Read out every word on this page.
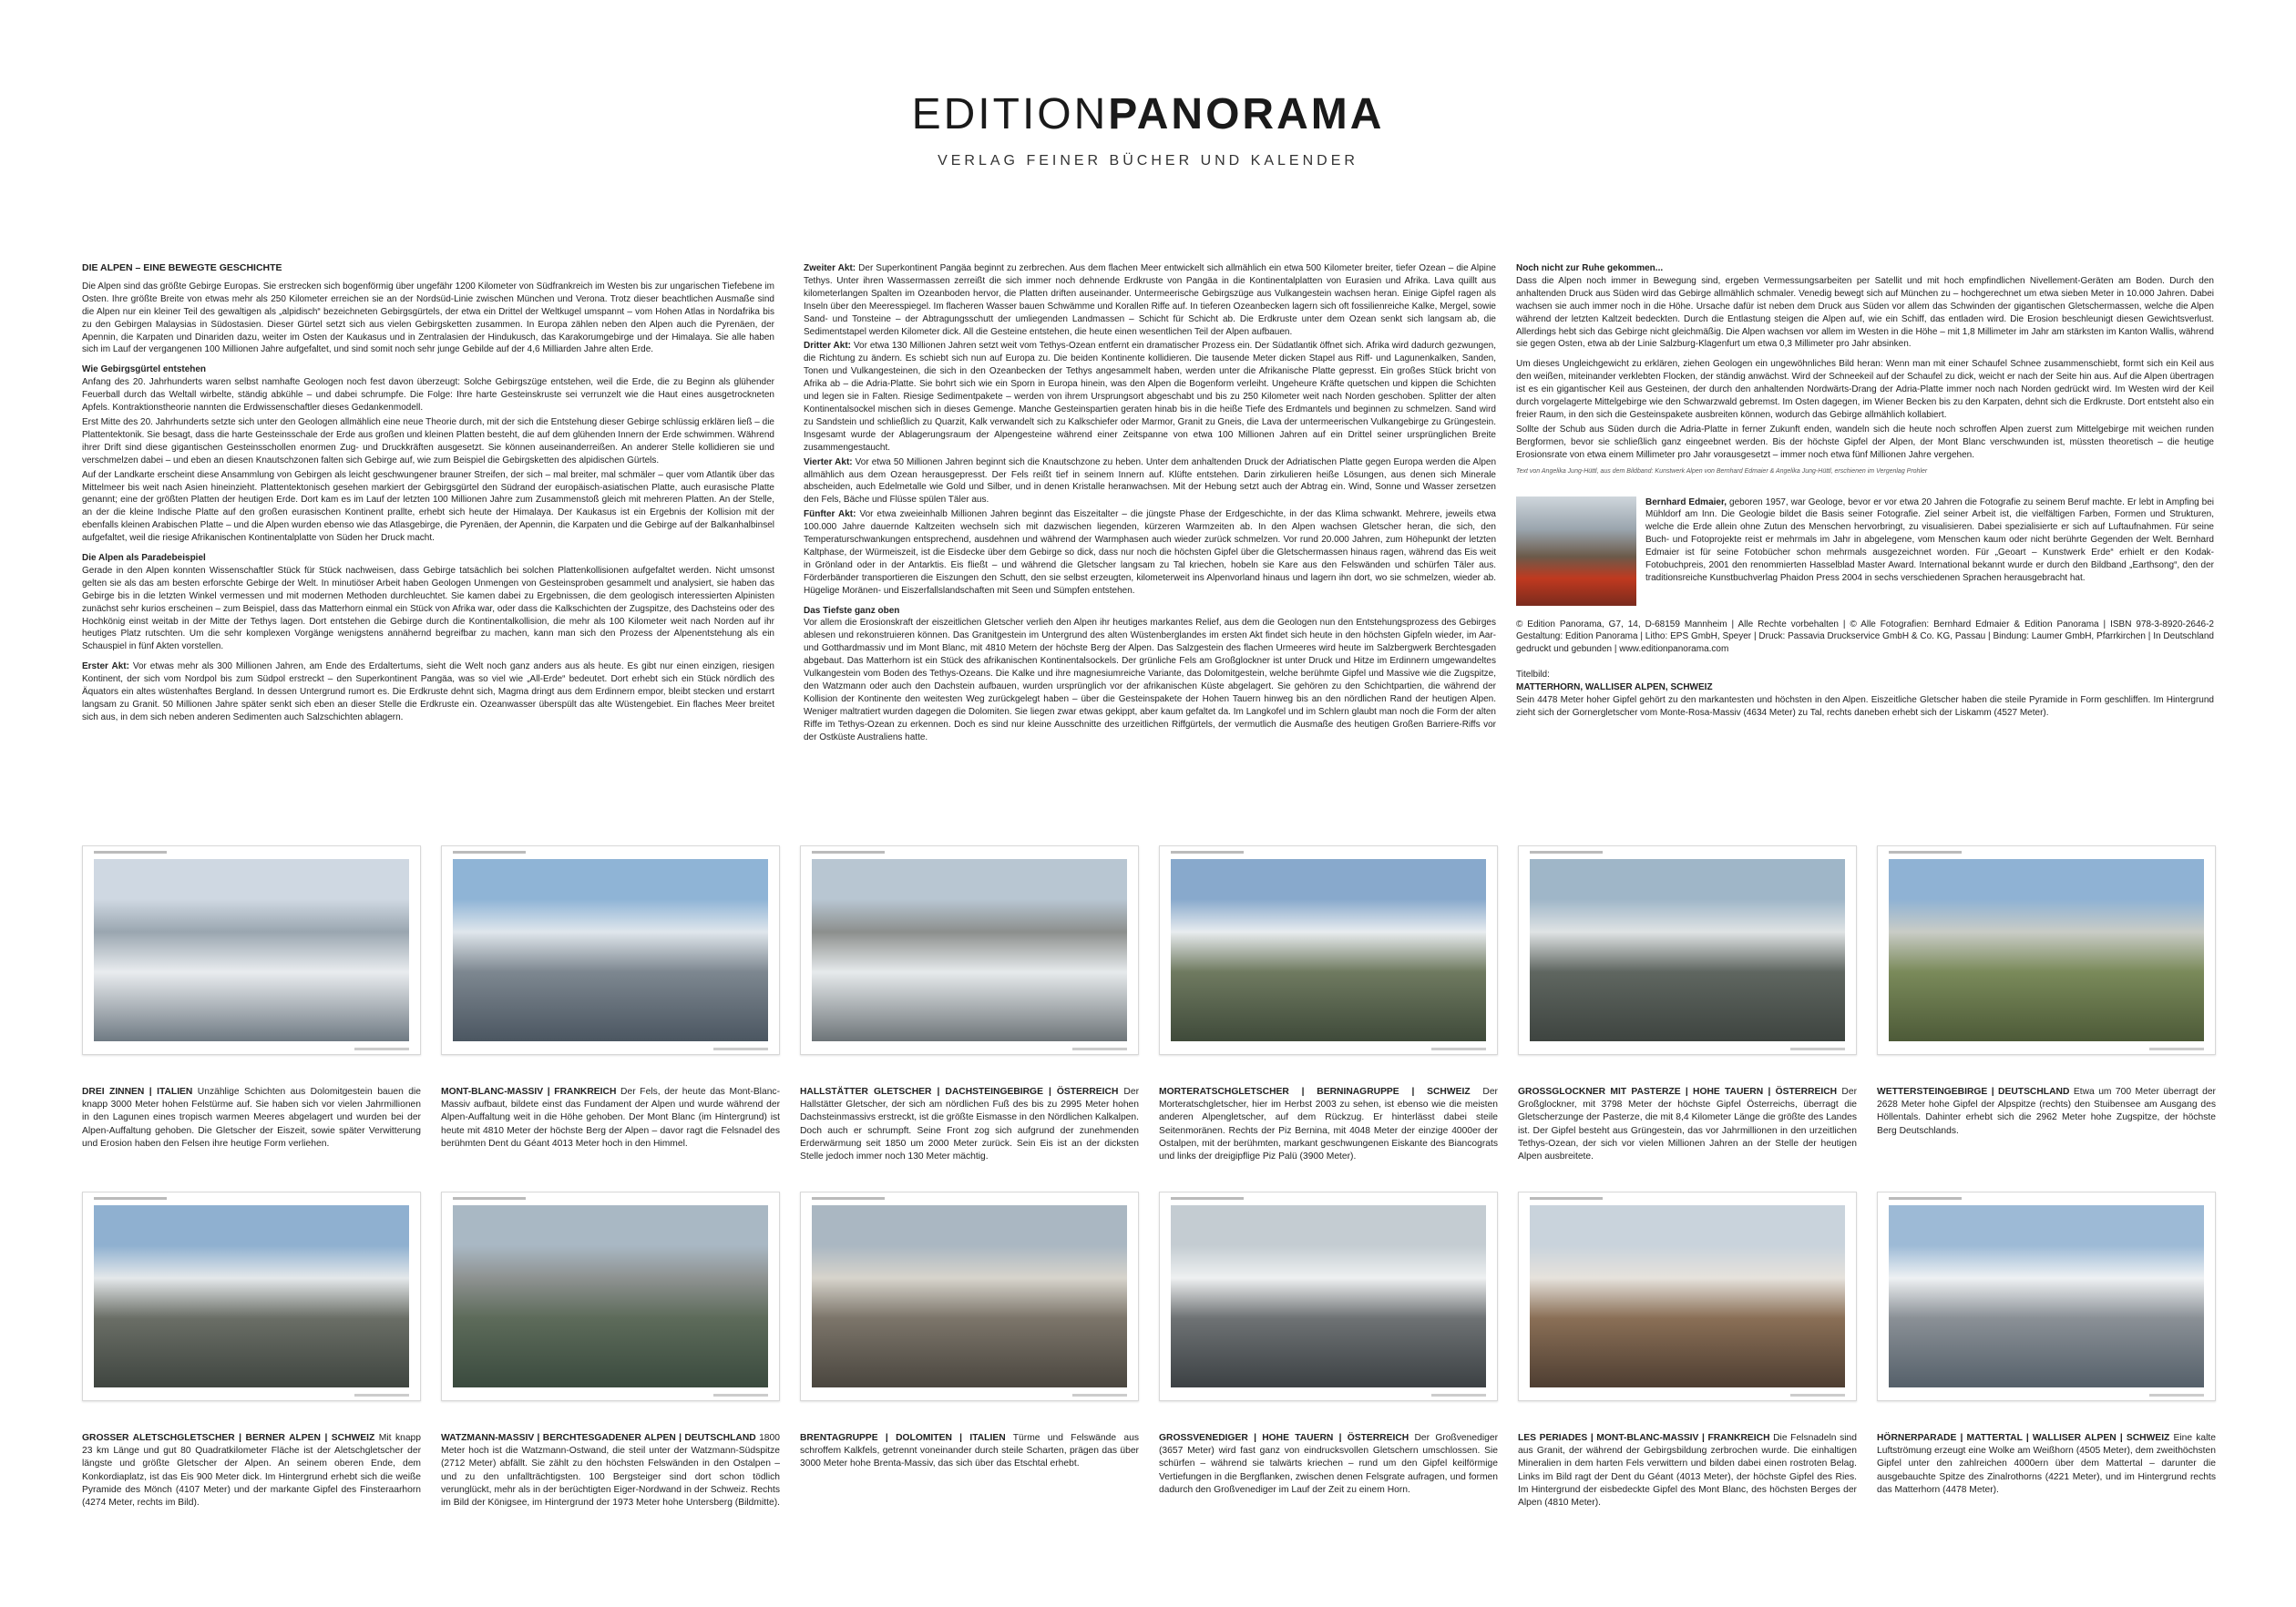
EDITIONPANORAMA
VERLAG FEINER BÜCHER UND KALENDER
DIE ALPEN – EINE BEWEGTE GESCHICHTE

Die Alpen sind das größte Gebirge Europas. Sie erstrecken sich bogenförmig über ungefähr 1200 Kilometer von Südfrankreich im Westen bis zur ungarischen Tiefebene im Osten. Ihre größte Breite von etwas mehr als 250 Kilometer erreichen sie an der Nordsüd-Linie zwischen München und Verona. Trotz dieser beachtlichen Ausmaße sind die Alpen nur ein kleiner Teil des gewaltigen als „alpidisch“ bezeichneten Gebirgsgürtels, der etwa ein Drittel der Weltkugel umspannt – vom Hohen Atlas in Nordafrika bis zu den Gebirgen Malaysias in Südostasien. Dieser Gürtel setzt sich aus vielen Gebirgsketten zusammen. In Europa zählen neben den Alpen auch die Pyrenäen, der Apennin, die Karpaten und Dinariden dazu, weiter im Osten der Kaukasus und in Zentralasien der Hindukusch, das Karakorumgebirge und der Himalaya. Sie alle haben sich im Lauf der vergangenen 100 Millionen Jahre aufgefaltet, und sind somit noch sehr junge Gebilde auf der 4,6 Milliarden Jahre alten Erde.

Wie Gebirgsgürtel entstehen

Anfang des 20. Jahrhunderts waren selbst namhafte Geologen noch fest davon überzeugt: Solche Gebirgszüge entstehen, weil die Erde, die zu Beginn als glühender Feuerball durch das Weltall wirbelte, ständig abkühle – und dabei schrumpfe. Die Folge: Ihre harte Gesteinskruste sei verrunzelt wie die Haut eines ausgetrockneten Apfels. Kontraktionstheorie nannten die Erdwissenschaftler dieses Gedankenmodell.

Erst Mitte des 20. Jahrhunderts setzte sich unter den Geologen allmählich eine neue Theorie durch, mit der sich die Entstehung dieser Gebirge schlüssig erklären ließ – die Plattentektonik. Sie besagt, dass die harte Gesteinsschale der Erde aus großen und kleinen Platten besteht, die auf dem glühenden Innern der Erde schwimmen. Während ihrer Drift sind diese gigantischen Gesteinsschollen enormen Zug- und Druckkräften ausgesetzt. Sie können auseinanderreißen. An anderer Stelle kollidieren sie und verschmelzen dabei – und eben an diesen Knautschzonen falten sich Gebirge auf, wie zum Beispiel die Gebirgsketten des alpidischen Gürtels.

Auf der Landkarte erscheint diese Ansammlung von Gebirgen als leicht geschwungener brauner Streifen, der sich – mal breiter, mal schmäler – quer vom Atlantik über das Mittelmeer bis weit nach Asien hineinzieht. Plattentektonisch gesehen markiert der Gebirgsgürtel den Südrand der europäisch-asiatischen Platte, auch eurasische Platte genannt; eine der größten Platten der heutigen Erde. Dort kam es im Lauf der letzten 100 Millionen Jahre zum Zusammenstoß gleich mit mehreren Platten. An der Stelle, an der die kleine Indische Platte auf den großen eurasischen Kontinent prallte, erhebt sich heute der Himalaya. Der Kaukasus ist ein Ergebnis der Kollision mit der ebenfalls kleinen Arabischen Platte – und die Alpen wurden ebenso wie das Atlasgebirge, die Pyrenäen, der Apennin, die Karpaten und die Gebirge auf der Balkanhalbinsel aufgefaltet, weil die riesige Afrikanischen Kontinentalplatte von Süden her Druck macht.

Die Alpen als Paradebeispiel

Gerade in den Alpen konnten Wissenschaftler Stück für Stück nachweisen, dass Gebirge tatsächlich bei solchen Plattenkollisionen aufgefaltet werden. Nicht umsonst gelten sie als das am besten erforschte Gebirge der Welt. In minutiöser Arbeit haben Geologen Unmengen von Gesteinsproben gesammelt und analysiert, sie haben das Gebirge bis in die letzten Winkel vermessen und mit modernen Methoden durchleuchtet. Sie kamen dabei zu Ergebnissen, die dem geologisch interessierten Alpinisten zunächst sehr kurios erscheinen – zum Beispiel, dass das Matterhorn einmal ein Stück von Afrika war, oder dass die Kalkschichten der Zugspitze, des Dachsteins oder des Hochkönig einst weitab in der Mitte der Tethys lagen. Dort entstehen die Gebirge durch die Kontinentalkollision, die mehr als 100 Kilometer weit nach Norden auf ihr heutiges Platz rutschten. Um die sehr komplexen Vorgänge wenigstens annähernd begreifbar zu machen, kann man sich den Prozess der Alpenentstehung als ein Schauspiel in fünf Akten vorstellen.

Erster Akt: Vor etwas mehr als 300 Millionen Jahren, am Ende des Erdaltertums, sieht die Welt noch ganz anders aus als heute. Es gibt nur einen einzigen, riesigen Kontinent, der sich vom Nordpol bis zum Südpol erstreckt – den Superkontinent Pangäa, was so viel wie „All-Erde“ bedeutet. Dort erhebt sich ein Stück nördlich des Äquators ein altes wüstenhaftes Bergland. In dessen Untergrund rumort es. Die Erdkruste dehnt sich, Magma dringt aus dem Erdinnern empor, bleibt stecken und erstarrt langsam zu Granit. 50 Millionen Jahre später senkt sich eben an dieser Stelle die Erdkruste ein. Ozeanwasser überspült das alte Wüstengebiet. Ein flaches Meer breitet sich aus, in dem sich neben anderen Sedimenten auch Salzschichten ablagern.

Zweiter Akt: Der Superkontinent Pangäa beginnt zu zerbrechen. Aus dem flachen Meer entwickelt sich allmählich ein etwa 500 Kilometer breiter, tiefer Ozean – die Alpine Tethys. Unter ihren Wassermassen zerreißt die sich immer noch dehnende Erdkruste von Pangäa in die Kontinentalplatten von Eurasien und Afrika. Lava quillt aus kilometerlangen Spalten im Ozeanboden hervor, die Platten driften auseinander. Untermeerische Gebirgszüge aus Vulkangestein wachsen heran. Einige Gipfel ragen als Inseln über den Meeresspiegel. Im flacheren Wasser bauen Schwämme und Korallen Riffe auf. In tieferen Ozeanbecken lagern sich oft fossilienreiche Kalke, Mergel, sowie Sand- und Tonsteine – der Abtragungsschutt der umliegenden Landmassen – Schicht für Schicht ab. Die Erdkruste unter dem Ozean senkt sich langsam ab, die Sedimentstapel werden Kilometer dick. All die Gesteine entstehen, die heute einen wesentlichen Teil der Alpen aufbauen.

Dritter Akt: Vor etwa 130 Millionen Jahren setzt weit vom Tethys-Ozean entfernt ein dramatischer Prozess ein. Der Südatlantik öffnet sich. Afrika wird dadurch gezwungen, die Richtung zu ändern. Es schiebt sich nun auf Europa zu. Die beiden Kontinente kollidieren. Die tausende Meter dicken Stapel aus Riff- und Lagunenkalken, Sanden, Tonen und Vulkangesteinen, die sich in den Ozeanbecken der Tethys angesammelt haben, werden unter die Afrikanische Platte gepresst. Ein großes Stück bricht von Afrika ab – die Adria-Platte. Sie bohrt sich wie ein Sporn in Europa hinein, was den Alpen die Bogenform verleiht. Ungeheure Kräfte quetschen und kippen die Schichten und legen sie in Falten. Riesige Sedimentpakete – werden von ihrem Ursprungsort abgeschabt und bis zu 250 Kilometer weit nach Norden geschoben. Splitter der alten Kontinentalsockel mischen sich in dieses Gemenge. Manche Gesteinspartien geraten hinab bis in die heiße Tiefe des Erdmantels und beginnen zu schmelzen. Sand wird zu Sandstein und schließlich zu Quarzit, Kalk verwandelt sich zu Kalkschiefer oder Marmor, Granit zu Gneis, die Lava der untermeerischen Vulkangebirge zu Grüngestein. Insgesamt wurde der Ablagerungsraum der Alpengesteine während einer Zeitspanne von etwa 100 Millionen Jahren auf ein Drittel seiner ursprünglichen Breite zusammengestaucht.

Vierter Akt: Vor etwa 50 Millionen Jahren beginnt sich die Knautschzone zu heben. Unter dem anhaltenden Druck der Adriatischen Platte gegen Europa werden die Alpen allmählich aus dem Ozean herausgepresst. Der Fels reißt tief in seinem Innern auf. Klüfte entstehen. Darin zirkulieren heiße Lösungen, aus denen sich Minerale abscheiden, auch Edelmetalle wie Gold und Silber, und in denen Kristalle heranwachsen. Mit der Hebung setzt auch der Abtrag ein. Wind, Sonne und Wasser zersetzen den Fels, Bäche und Flüsse spülen Täler aus.

Fünfter Akt: Vor etwa zweieinhalb Millionen Jahren beginnt das Eiszeitalter – die jüngste Phase der Erdgeschichte, in der das Klima schwankt. Mehrere, jeweils etwa 100.000 Jahre dauernde Kaltzeiten wechseln sich mit dazwischen liegenden, kürzeren Warmzeiten ab. In den Alpen wachsen Gletscher heran, die sich, den Temperaturschwankungen entsprechend, ausdehnen und während der Warmphasen auch wieder zurück schmelzen. Vor rund 20.000 Jahren, zum Höhepunkt der letzten Kaltphase, der Würmeiszeit, ist die Eisdecke über dem Gebirge so dick, dass nur noch die höchsten Gipfel über die Gletschermassen hinaus ragen, während das Eis weit in Grönland oder in der Antarktis. Eis fließt – und während die Gletscher langsam zu Tal kriechen, hobeln sie Kare aus den Felswänden und schürfen Täler aus. Förderbänder transportieren die Eiszungen den Schutt, den sie selbst erzeugten, kilometerweit ins Alpenvorland hinaus und lagern ihn dort, wo sie schmelzen, wieder ab. Hügelige Moränen- und Eiszerfallslandschaften mit Seen und Sümpfen entstehen.

Das Tiefste ganz oben

Vor allem die Erosionskraft der eiszeitlichen Gletscher verlieh den Alpen ihr heutiges markantes Relief, aus dem die Geologen nun den Entstehungsprozess des Gebirges ablesen und rekonstruieren können. Das Granitgestein im Untergrund des alten Wüstenberglandes im ersten Akt findet sich heute in den höchsten Gipfeln wieder, im Aar- und Gotthardmassiv und im Mont Blanc, mit 4810 Metern der höchste Berg der Alpen. Das Salzgestein des flachen Urmeeres wird heute im Salzbergwerk Berchtesgaden abgebaut. Das Matterhorn ist ein Stück des afrikanischen Kontinentalsockels. Der grünliche Fels am Großglockner ist unter Druck und Hitze im Erdinnern umgewandeltes Vulkangestein vom Boden des Tethys-Ozeans. Die Kalke und ihre magnesiumreiche Variante, das Dolomitgestein, welche berühmte Gipfel und Massive wie die Zugspitze, den Watzmann oder auch den Dachstein aufbauen, wurden ursprünglich vor der afrikanischen Küste abgelagert. Sie gehören zu den Schichtpartien, die während der Kollision der Kontinente den weitesten Weg zurückgelegt haben – über die Gesteinspakete der Hohen Tauern hinweg bis an den nördlichen Rand der heutigen Alpen. Weniger maltratiert wurden dagegen die Dolomiten. Sie liegen zwar etwas gekippt, aber kaum gefaltet da. Im Langkofel und im Schlern glaubt man noch die Form der alten Riffe im Tethys-Ozean zu erkennen. Doch es sind nur kleine Ausschnitte des urzeitlichen Riffgürtels, der vermutlich die Ausmaße des heutigen Großen Barriere-Riffs vor der Ostküste Australiens hatte.

Noch nicht zur Ruhe gekommen...

Dass die Alpen noch immer in Bewegung sind, ergeben Vermessungsarbeiten per Satellit und mit hoch empfindlichen Nivellement-Geräten am Boden. Durch den anhaltenden Druck aus Süden wird das Gebirge allmählich schmaler. Venedig bewegt sich auf München zu – hochgerechnet um etwa sieben Meter in 10.000 Jahren. Dabei wachsen sie auch immer noch in die Höhe. Ursache dafür ist neben dem Druck aus Süden vor allem das Schwinden der gigantischen Gletschermassen, welche die Alpen während der letzten Kaltzeit bedeckten. Durch die Entlastung steigen die Alpen auf, wie ein Schiff, das entladen wird. Die Erosion beschleunigt diesen Gewichtsverlust. Allerdings hebt sich das Gebirge nicht gleichmäßig. Die Alpen wachsen vor allem im Westen in die Höhe – mit 1,8 Millimeter im Jahr am stärksten im Kanton Wallis, während sie gegen Osten, etwa ab der Linie Salzburg-Klagenfurt um etwa 0,3 Millimeter pro Jahr absinken.

Um dieses Ungleichgewicht zu erklären, ziehen Geologen ein ungewöhnliches Bild heran: Wenn man mit einer Schaufel Schnee zusammenschiebt, formt sich ein Keil aus den weißen, miteinander verklebten Flocken, der ständig anwächst. Wird der Schneekeil auf der Schaufel zu dick, weicht er nach der Seite hin aus. Auf die Alpen übertragen ist es ein gigantischer Keil aus Gesteinen, der durch den anhaltenden Nordwärts-Drang der Adria-Platte immer noch nach Norden gedrückt wird. Im Westen wird der Keil durch vorgelagerte Mittelgebirge wie den Schwarzwald gebremst. Im Osten dagegen, im Wiener Becken bis zu den Karpaten, dehnt sich die Erdkruste. Dort entsteht also ein freier Raum, in den sich die Gesteinspakete ausbreiten können, wodurch das Gebirge allmählich kollabiert.

Sollte der Schub aus Süden durch die Adria-Platte in ferner Zukunft enden, wandeln sich die heute noch schroffen Alpen zuerst zum Mittelgebirge mit weichen runden Bergformen, bevor sie schließlich ganz eingeebnet werden. Bis der höchste Gipfel der Alpen, der Mont Blanc verschwunden ist, müssten theoretisch – die heutige Erosionsrate von etwa einem Millimeter pro Jahr vorausgesetzt – immer noch etwa fünf Millionen Jahre vergehen.

Text von Angelika Jung-Hüttl, aus dem Bildband: Kunstwerk Alpen von Bernhard Edmaier & Angelika Jung-Hüttl, erschienen im Vergenlag Prohler
Bernhard Edmaier, geboren 1957, war Geologe, bevor er vor etwa 20 Jahren die Fotografie zu seinem Beruf machte. Er lebt in Ampfing bei Mühldorf am Inn. Die Geologie bildet die Basis seiner Fotografie. Ziel seiner Arbeit ist, die vielfältigen Farben, Formen und Strukturen, welche die Erde allein ohne Zutun des Menschen hervorbringt, zu visualisieren. Dabei spezialisierte er sich auf Luftaufnahmen. Für seine Buch- und Fotoprojekte reist er mehrmals im Jahr in abgelegene, vom Menschen kaum oder nicht berührte Gegenden der Welt. Bernhard Edmaier ist für seine Fotobücher schon mehrmals ausgezeichnet worden. Für „Geoart – Kunstwerk Erde“ erhielt er den Kodak-Fotobuchpreis, 2001 den renommierten Hasselblad Master Award. International bekannt wurde er durch den Bildband „Earthsong“, den der traditionsreiche Kunstbuchverlag Phaidon Press 2004 in sechs verschiedenen Sprachen herausgebracht hat.

© Edition Panorama, G7, 14, D-68159 Mannheim | Alle Rechte vorbehalten | © Alle Fotografien: Bernhard Edmaier & Edition Panorama | ISBN 978-3-8920-2646-2 Gestaltung: Edition Panorama | Litho: EPS GmbH, Speyer | Druck: Passavia Druckservice GmbH & Co. KG, Passau | Bindung: Laumer GmbH, Pfarrkirchen | In Deutschland gedruckt und gebunden | www.editionpanorama.com

Titelbild:
MATTERHORN, WALLISER ALPEN, SCHWEIZ
Sein 4478 Meter hoher Gipfel gehört zu den markantesten und höchsten in den Alpen. Eiszeitliche Gletscher haben die steile Pyramide in Form geschliffen. Im Hintergrund zieht sich der Gornergletscher vom Monte-Rosa-Massiv (4634 Meter) zu Tal, rechts daneben erhebt sich der Liskamm (4527 Meter).
DREI ZINNEN | ITALIEN Unzählige Schichten aus Dolomitgestein bauen die knapp 3000 Meter hohen Felstürme auf. Sie haben sich vor vielen Jahrmillionen in den Lagunen eines tropisch warmen Meeres abgelagert und wurden bei der Alpen-Auffaltung gehoben. Die Gletscher der Eiszeit, sowie später Verwitterung und Erosion haben den Felsen ihre heutige Form verliehen.
MONT-BLANC-MASSIV | FRANKREICH Der Fels, der heute das Mont-Blanc-Massiv aufbaut, bildete einst das Fundament der Alpen und wurde während der Alpen-Auffaltung weit in die Höhe gehoben. Der Mont Blanc (im Hintergrund) ist heute mit 4810 Meter der höchste Berg der Alpen – davor ragt die Felsnadel des berühmten Dent du Géant 4013 Meter hoch in den Himmel.
HALLSTÄTTER GLETSCHER | DACHSTEINGEBIRGE | ÖSTERREICH Der Hallstätter Gletscher, der sich am nördlichen Fuß des bis zu 2995 Meter hohen Dachsteinmassivs erstreckt, ist die größte Eismasse in den Nördlichen Kalkalpen. Doch auch er schrumpft. Seine Front zog sich aufgrund der zunehmenden Erderwärmung seit 1850 um 2000 Meter zurück. Sein Eis ist an der dicksten Stelle jedoch immer noch 130 Meter mächtig.
MORTERATSCHGLETSCHER | BERNINAGRUPPE | SCHWEIZ Der Morteratschgletscher, hier im Herbst 2003 zu sehen, ist ebenso wie die meisten anderen Alpengletscher, auf dem Rückzug. Er hinterlässt dabei steile Seitenmoränen. Rechts der Piz Bernina, mit 4048 Meter der einzige 4000er der Ostalpen, mit der berühmten, markant geschwungenen Eiskante des Biancograts und links der dreigipflige Piz Palü (3900 Meter).
GROSSGLOCKNER MIT PASTERZE | HOHE TAUERN | ÖSTERREICH Der Großglockner, mit 3798 Meter der höchste Gipfel Österreichs, überragt die Gletscherzunge der Pasterze, die mit 8,4 Kilometer Länge die größte des Landes ist. Der Gipfel besteht aus Grüngestein, das vor Jahrmillionen in den urzeitlichen Tethys-Ozean, der sich vor vielen Millionen Jahren an der Stelle der heutigen Alpen ausbreitete.
WETTERSTEINGEBIRGE | DEUTSCHLAND Etwa um 700 Meter überragt der 2628 Meter hohe Gipfel der Alpspitze (rechts) den Stuibensee am Ausgang des Höllentals. Dahinter erhebt sich die 2962 Meter hohe Zugspitze, der höchste Berg Deutschlands.
GROSSER ALETSCHGLETSCHER | BERNER ALPEN | SCHWEIZ Mit knapp 23 km Länge und gut 80 Quadratkilometer Fläche ist der Aletschgletscher der längste und größte Gletscher der Alpen. An seinem oberen Ende, dem Konkordiaplatz, ist das Eis 900 Meter dick. Im Hintergrund erhebt sich die weiße Pyramide des Mönch (4107 Meter) und der markante Gipfel des Finsteraarhorn (4274 Meter, rechts im Bild).
WATZMANN-MASSIV | BERCHTESGADENER ALPEN | DEUTSCHLAND 1800 Meter hoch ist die Watzmann-Ostwand, die steil unter der Watzmann-Südspitze (2712 Meter) abfällt. Sie zählt zu den höchsten Felswänden in den Ostalpen – und zu den unfallträchtigsten. 100 Bergsteiger sind dort schon tödlich verunglückt, mehr als in der berüchtigten Eiger-Nordwand in der Schweiz. Rechts im Bild der Königsee, im Hintergrund der 1973 Meter hohe Untersberg (Bildmitte).
BRENTAGRUPPE | DOLOMITEN | ITALIEN Türme und Felswände aus schroffem Kalkfels, getrennt voneinander durch steile Scharten, prägen das über 3000 Meter hohe Brenta-Massiv, das sich über das Etschtal erhebt.
GROSSVENEDIGER | HOHE TAUERN | ÖSTERREICH Der Großvenediger (3657 Meter) wird fast ganz von eindrucksvollen Gletschern umschlossen. Sie schürfen – während sie talwärts kriechen – rund um den Gipfel keilförmige Vertiefungen in die Bergflanken, zwischen denen Felsgrate aufragen, und formen dadurch den Großvenediger im Lauf der Zeit zu einem Horn.
LES PERIADES | MONT-BLANC-MASSIV | FRANKREICH Die Felsnadeln sind aus Granit, der während der Gebirgsbildung zerbrochen wurde. Die einhaltigen Mineralien in dem harten Fels verwittern und bilden dabei einen rostroten Belag. Links im Bild ragt der Dent du Géant (4013 Meter), der höchste Gipfel des Ries. Im Hintergrund der eisbedeckte Gipfel des Mont Blanc, des höchsten Berges der Alpen (4810 Meter).
HÖRNERPARADE | MATTERTAL | WALLISER ALPEN | SCHWEIZ Eine kalte Luftströmung erzeugt eine Wolke am Weißhorn (4505 Meter), dem zweithöchsten Gipfel unter den zahlreichen 4000ern über dem Mattertal – darunter die ausgebauchte Spitze des Zinalrothorns (4221 Meter), und im Hintergrund rechts das Matterhorn (4478 Meter).
